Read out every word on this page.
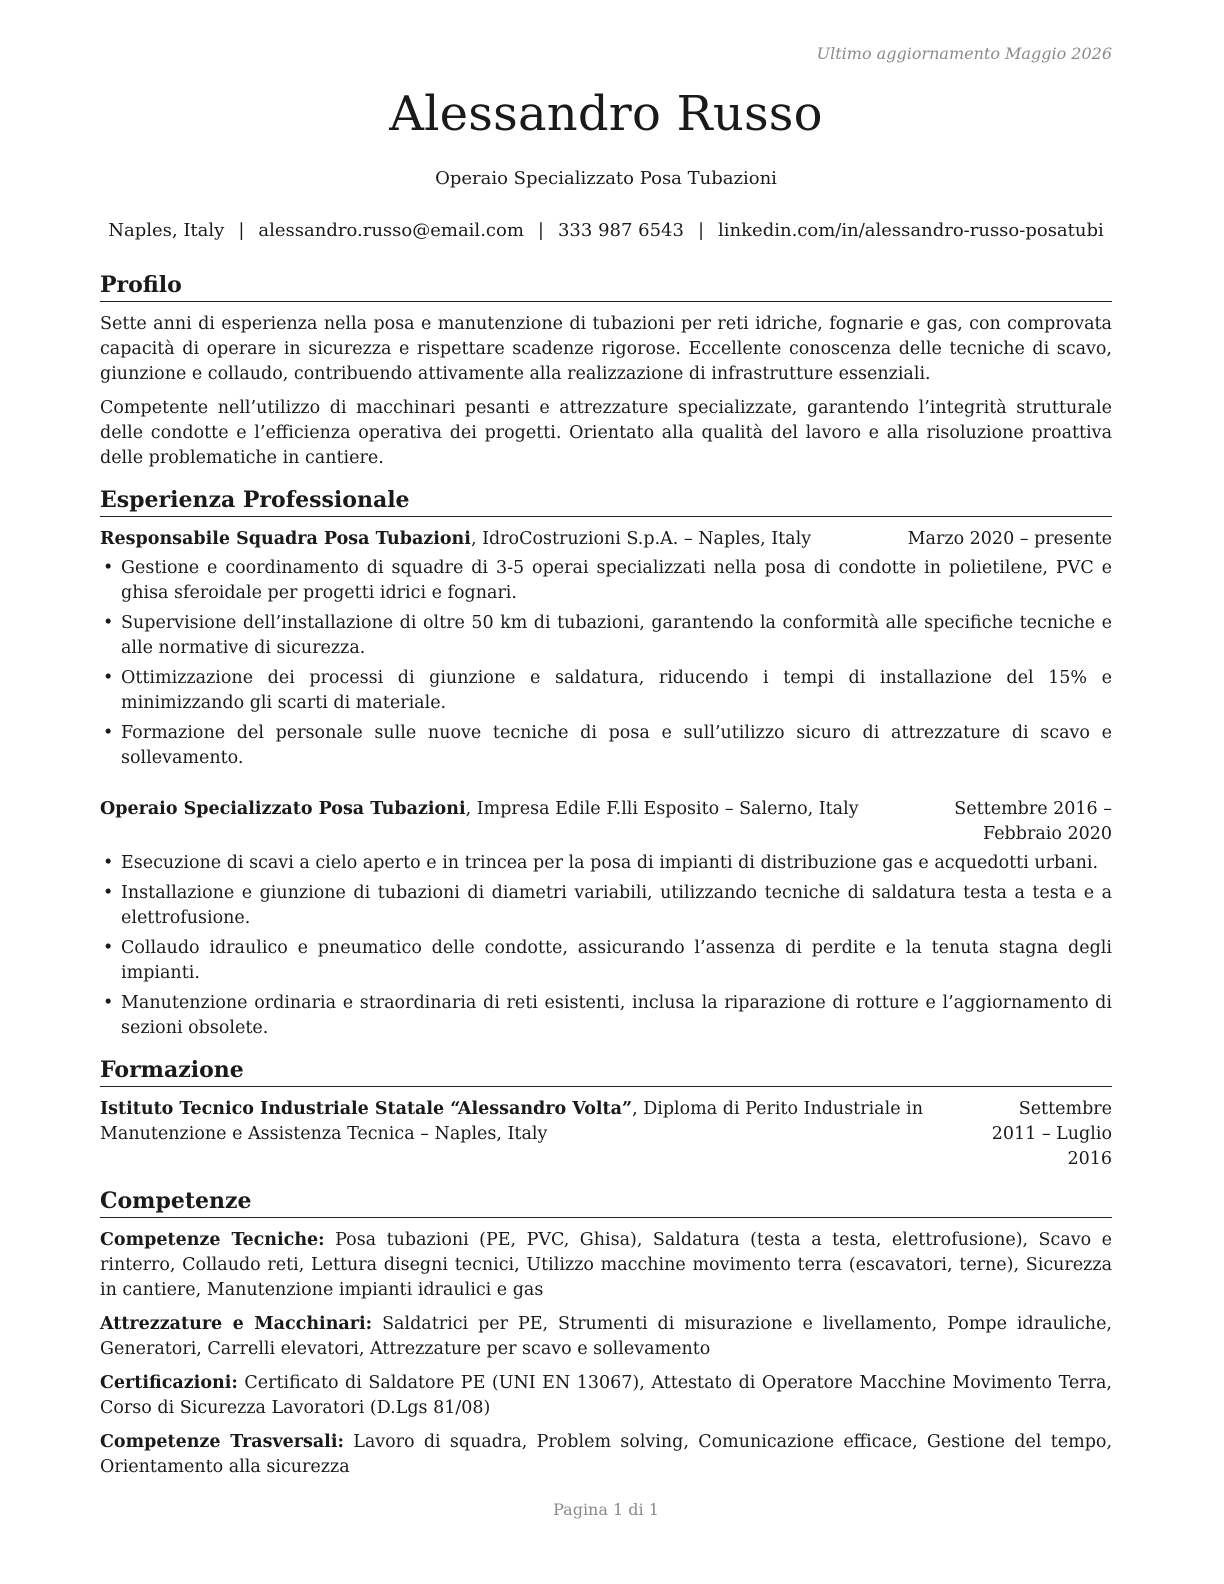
Ultimo aggiornamento Maggio 2026
Alessandro Russo
Operaio Specializzato Posa Tubazioni
Naples, Italy | alessandro.russo@email.com | 333 987 6543 | linkedin.com/in/alessandro-russo-posatubi
Profilo

Sette anni di esperienza nella posa e manutenzione di tubazioni per reti idriche, fognarie e gas, con comprovata capacità di operare in sicurezza e rispettare scadenze rigorose. Eccellente conoscenza delle tecniche di scavo, giunzione e collaudo, contribuendo attivamente alla realizzazione di infrastrutture essenziali.

Competente nell’utilizzo di macchinari pesanti e attrezzature specializzate, garantendo l’integrità strutturale delle condotte e l’efficienza operativa dei progetti. Orientato alla qualità del lavoro e alla risoluzione proattiva delle problematiche in cantiere.

Esperienza Professionale
Responsabile Squadra Posa Tubazioni, IdroCostruzioni S.p.A. – Naples, Italy	Marzo 2020 – presente
• Gestione e coordinamento di squadre di 3-5 operai specializzati nella posa di condotte in polietilene, PVC e ghisa sferoidale per progetti idrici e fognari.
• Supervisione dell’installazione di oltre 50 km di tubazioni, garantendo la conformità alle specifiche tecniche e alle normative di sicurezza.
• Ottimizzazione dei processi di giunzione e saldatura, riducendo i tempi di installazione del 15% e minimizzando gli scarti di materiale.
• Formazione del personale sulle nuove tecniche di posa e sull’utilizzo sicuro di attrezzature di scavo e sollevamento.
Operaio Specializzato Posa Tubazioni, Impresa Edile F.lli Esposito – Salerno, Italy	Settembre 2016 – Febbraio 2020
• Esecuzione di scavi a cielo aperto e in trincea per la posa di impianti di distribuzione gas e acquedotti urbani.
• Installazione e giunzione di tubazioni di diametri variabili, utilizzando tecniche di saldatura testa a testa e a elettrofusione.
• Collaudo idraulico e pneumatico delle condotte, assicurando l’assenza di perdite e la tenuta stagna degli impianti.
• Manutenzione ordinaria e straordinaria di reti esistenti, inclusa la riparazione di rotture e l’aggiornamento di sezioni obsolete.
Formazione
Istituto Tecnico Industriale Statale “Alessandro Volta”, Diploma di Perito Industriale in Manutenzione e Assistenza Tecnica – Naples, Italy
Settembre 2011 – Luglio 2016
Competenze

Competenze Tecniche: Posa tubazioni (PE, PVC, Ghisa), Saldatura (testa a testa, elettrofusione), Scavo e rinterro, Collaudo reti, Lettura disegni tecnici, Utilizzo macchine movimento terra (escavatori, terne), Sicurezza in cantiere, Manutenzione impianti idraulici e gas

Attrezzature e Macchinari: Saldatrici per PE, Strumenti di misurazione e livellamento, Pompe idrauliche, Generatori, Carrelli elevatori, Attrezzature per scavo e sollevamento

Certificazioni: Certificato di Saldatore PE (UNI EN 13067), Attestato di Operatore Macchine Movimento Terra, Corso di Sicurezza Lavoratori (D.Lgs 81/08)

Competenze Trasversali: Lavoro di squadra, Problem solving, Comunicazione efficace, Gestione del tempo, Orientamento alla sicurezza

Pagina 1 di 1
